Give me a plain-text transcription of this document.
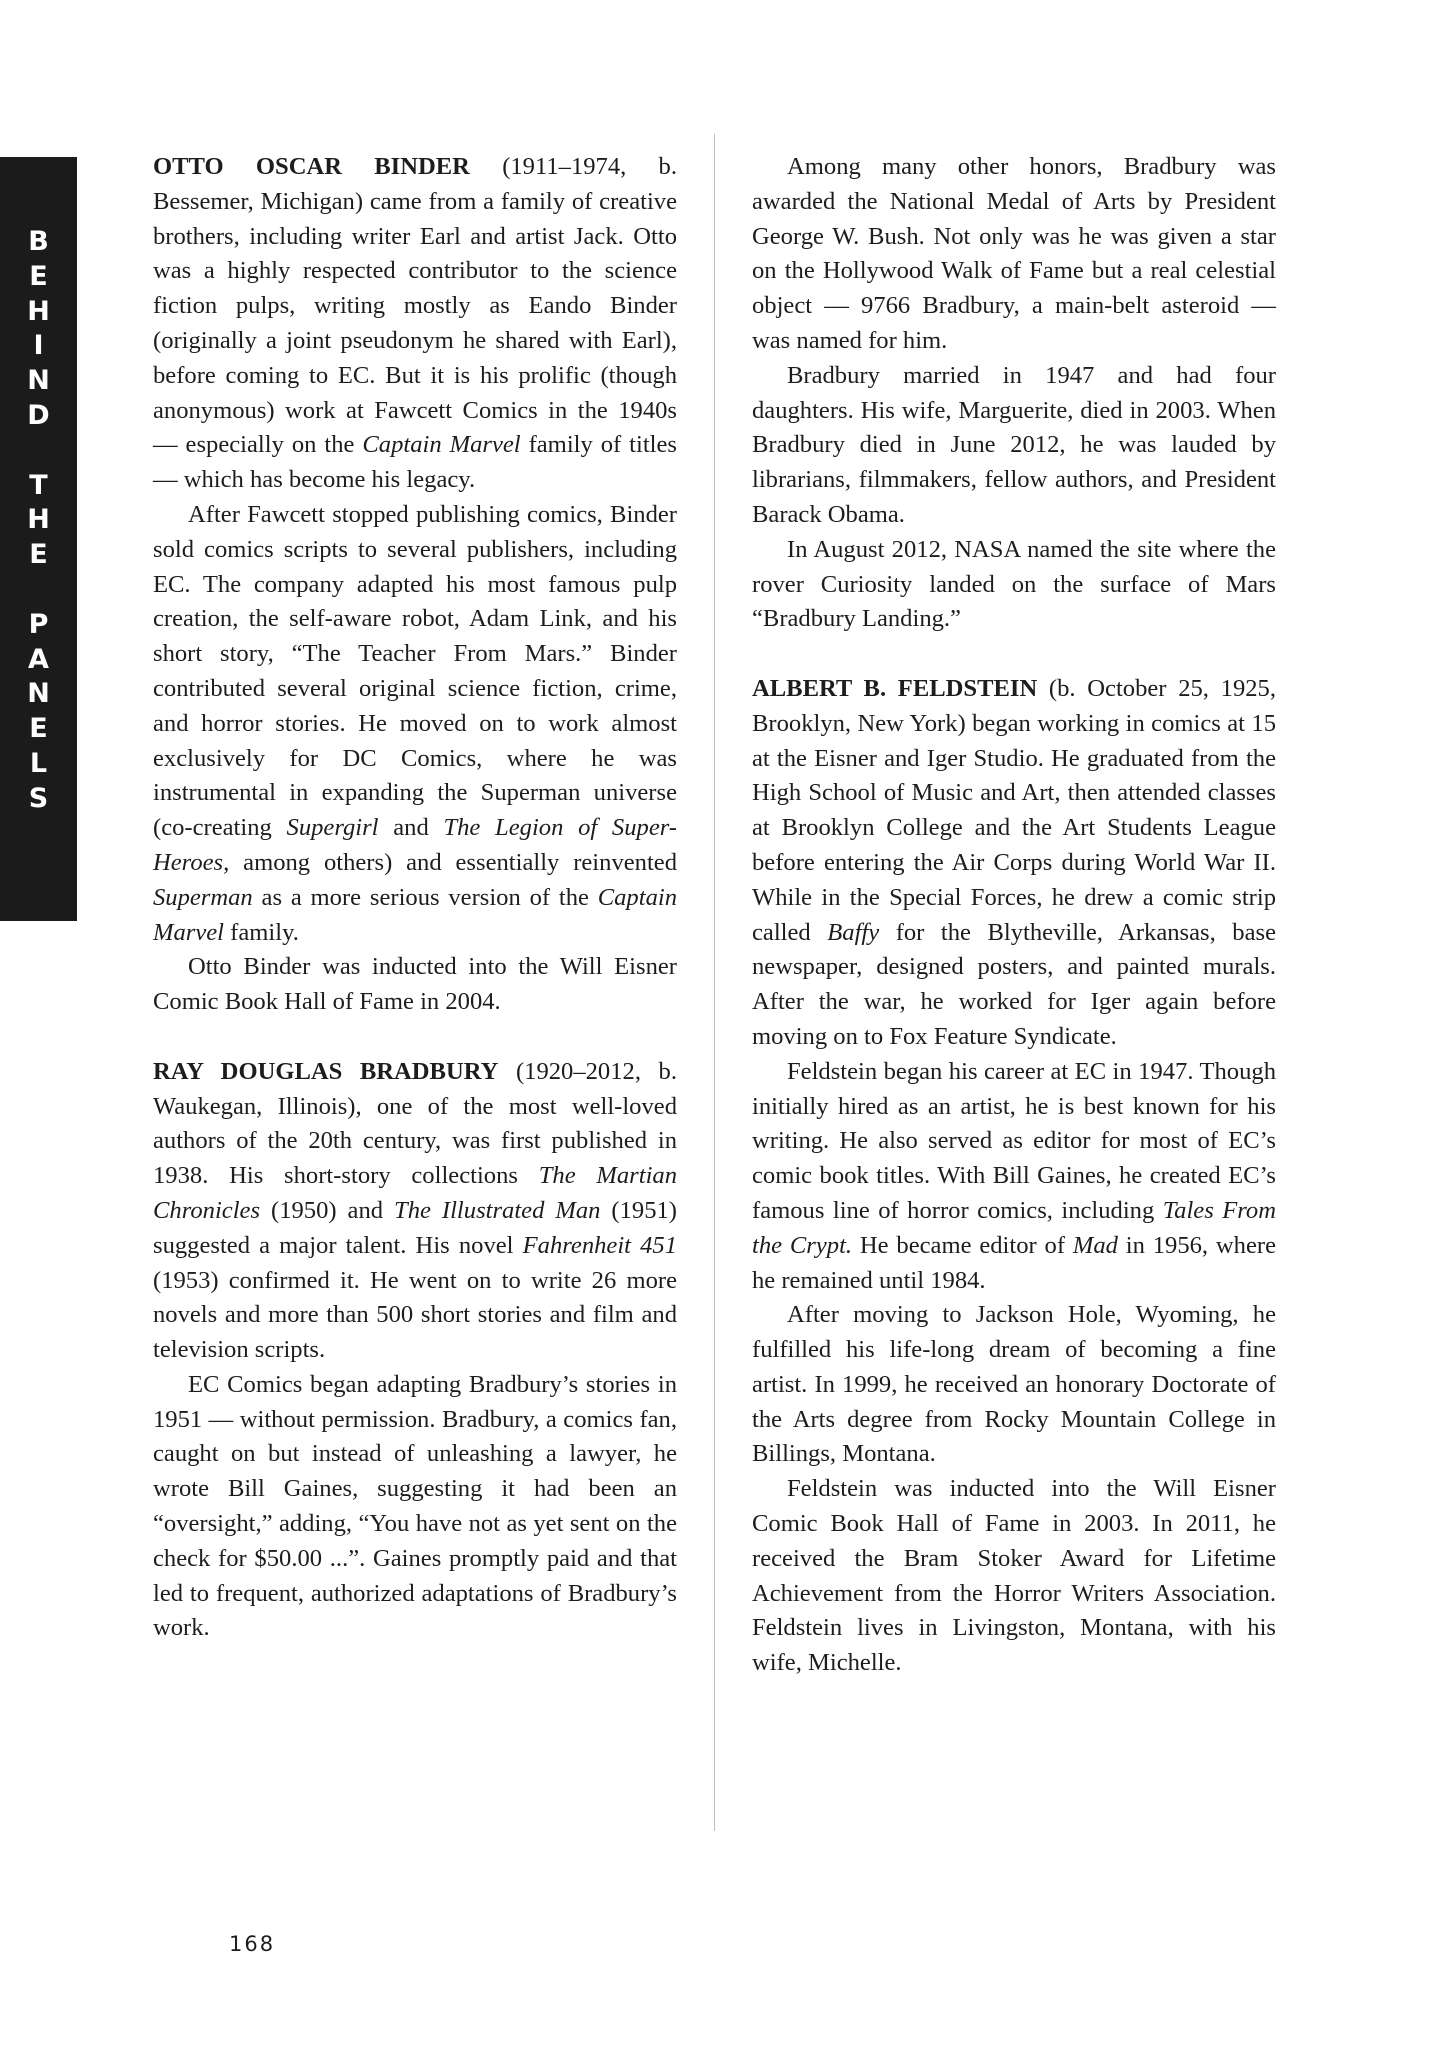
B
E
H
I
N
D

T
H
E

P
A
N
E
L
S

OTTO OSCAR BINDER (1911–1974, b. Bessemer, Michigan) came from a family of creative brothers, including writer Earl and artist Jack. Otto was a highly respected contributor to the science fiction pulps, writing mostly as Eando Binder (originally a joint pseudonym he shared with Earl), before coming to EC. But it is his prolific (though anonymous) work at Fawcett Comics in the 1940s — especially on the Captain Marvel family of titles — which has become his legacy.

After Fawcett stopped publishing comics, Binder sold comics scripts to several publishers, including EC. The company adapted his most famous pulp creation, the self-aware robot, Adam Link, and his short story, “The Teacher From Mars.” Binder contributed several original science fiction, crime, and horror stories. He moved on to work almost exclusively for DC Comics, where he was instrumental in expanding the Superman universe (co-creating Supergirl and The Legion of Super-Heroes, among others) and essentially reinvented Superman as a more serious version of the Captain Marvel family.

Otto Binder was inducted into the Will Eisner Comic Book Hall of Fame in 2004.

RAY DOUGLAS BRADBURY (1920–2012, b. Waukegan, Illinois), one of the most well-loved authors of the 20th century, was first published in 1938. His short-story collections The Martian Chronicles (1950) and The Illustrated Man (1951) suggested a major talent. His novel Fahrenheit 451 (1953) confirmed it. He went on to write 26 more novels and more than 500 short stories and film and television scripts.

EC Comics began adapting Bradbury’s stories in 1951 — without permission. Bradbury, a comics fan, caught on but instead of unleashing a lawyer, he wrote Bill Gaines, suggesting it had been an “oversight,” adding, “You have not as yet sent on the check for $50.00 ...”. Gaines promptly paid and that led to frequent, authorized adaptations of Bradbury’s work.

Among many other honors, Bradbury was awarded the National Medal of Arts by President George W. Bush. Not only was he was given a star on the Hollywood Walk of Fame but a real celestial object — 9766 Bradbury, a main-belt asteroid — was named for him.

Bradbury married in 1947 and had four daughters. His wife, Marguerite, died in 2003. When Bradbury died in June 2012, he was lauded by librarians, filmmakers, fellow authors, and President Barack Obama.

In August 2012, NASA named the site where the rover Curiosity landed on the surface of Mars “Bradbury Landing.”

ALBERT B. FELDSTEIN (b. October 25, 1925, Brooklyn, New York) began working in comics at 15 at the Eisner and Iger Studio. He graduated from the High School of Music and Art, then attended classes at Brooklyn College and the Art Students League before entering the Air Corps during World War II. While in the Special Forces, he drew a comic strip called Baffy for the Blytheville, Arkansas, base newspaper, designed posters, and painted murals. After the war, he worked for Iger again before moving on to Fox Feature Syndicate.

Feldstein began his career at EC in 1947. Though initially hired as an artist, he is best known for his writing. He also served as editor for most of EC’s comic book titles. With Bill Gaines, he created EC’s famous line of horror comics, including Tales From the Crypt. He became editor of Mad in 1956, where he remained until 1984.

After moving to Jackson Hole, Wyoming, he fulfilled his life-long dream of becoming a fine artist. In 1999, he received an honorary Doctorate of the Arts degree from Rocky Mountain College in Billings, Montana.

Feldstein was inducted into the Will Eisner Comic Book Hall of Fame in 2003. In 2011, he received the Bram Stoker Award for Lifetime Achievement from the Horror Writers Association. Feldstein lives in Livingston, Montana, with his wife, Michelle.

168
